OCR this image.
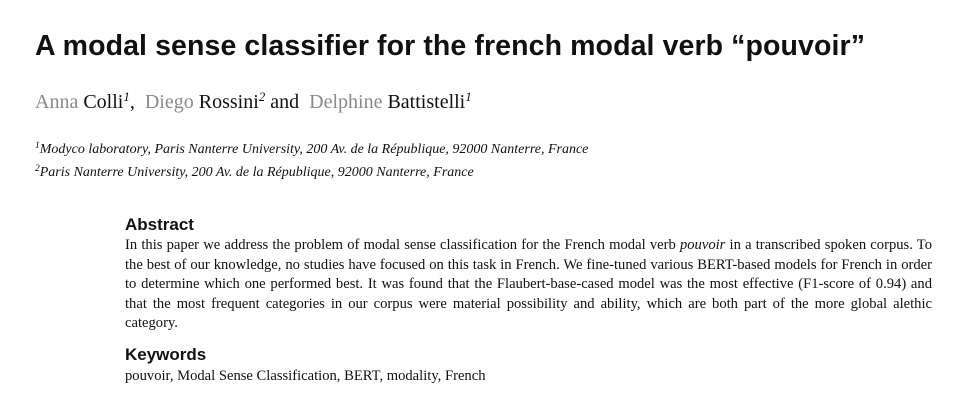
A modal sense classifier for the french modal verb “pouvoir”
Anna Colli$^1$,  Diego Rossini$^2$ and  Delphine Battistelli$^1$
$^1$Modyco laboratory, Paris Nanterre University, 200 Av. de la République, 92000 Nanterre, France
$^2$Paris Nanterre University, 200 Av. de la République, 92000 Nanterre, France
Abstract

In this paper we address the problem of modal sense classification for the French modal verb pouvoir in a transcribed spoken corpus. To the best of our knowledge, no studies have focused on this task in French. We fine-tuned various BERT-based models for French in order to determine which one performed best. It was found that the Flaubert-base-cased model was the most effective (F1-score of 0.94) and that the most frequent categories in our corpus were material possibility and ability, which are both part of the more global alethic category.

Keywords

pouvoir, Modal Sense Classification, BERT, modality, French
